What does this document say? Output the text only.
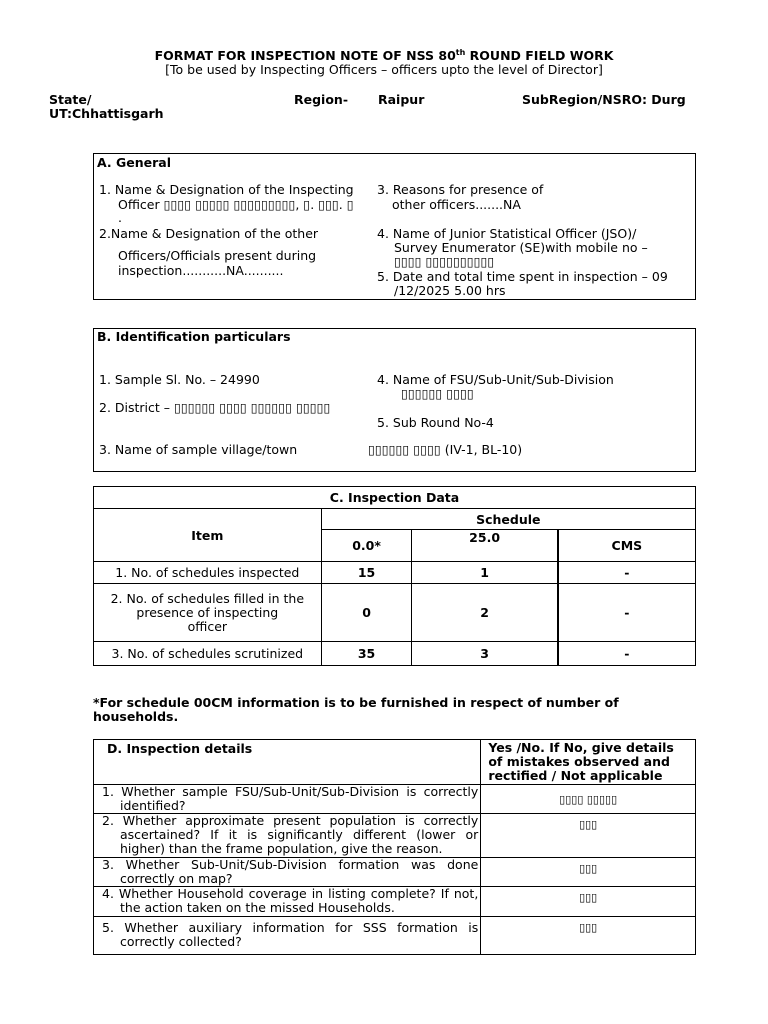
FORMAT FOR INSPECTION NOTE OF NSS 80th ROUND FIELD WORK
[To be used by Inspecting Officers – officers upto the level of Director]
State/
UT:Chhattisgarh
Region- Raipur	SubRegion/NSRO: Durg
A. General
1. Name & Designation of the Inspecting
Officer ▯▯▯▯ ▯▯▯▯▯ ▯▯▯▯▯▯▯▯▯, ▯. ▯▯▯. ▯
.
2.Name & Designation of the other
Officers/Officials present during
inspection...........NA..........
3. Reasons for presence of
other officers.......NA
4. Name of Junior Statistical Officer (JSO)/
Survey Enumerator (SE)with mobile no –
▯▯▯▯ ▯▯▯▯▯▯▯▯▯▯
5. Date and total time spent in inspection – 09
/12/2025 5.00 hrs
B. Identification particulars
1. Sample Sl. No. – 24990
2. District – ▯▯▯▯▯▯ ▯▯▯▯ ▯▯▯▯▯▯ ▯▯▯▯▯
3. Name of sample village/town	▯▯▯▯▯▯ ▯▯▯▯ (IV-1, BL-10)
4. Name of FSU/Sub-Unit/Sub-Division
▯▯▯▯▯▯ ▯▯▯▯
5. Sub Round No-4
C. Inspection Data			
Item	Schedule		
	0.0*	25.0	CMS
1. No. of schedules inspected	15	1	-

2. No. of schedules filled in the
presence of inspecting
officer	0	2	-
3. No. of schedules scrutinized	35	3	-
*For schedule 00CM information is to be furnished in respect of number of
households.
D. Inspection details	Yes /No. If No, give details
of mistakes observed and
rectified / Not applicable

1. Whether sample FSU/Sub-Unit/Sub-Division is correctly identified?	▯▯▯▯ ▯▯▯▯▯
2. Whether approximate present population is correctly ascertained? If it is significantly different (lower or higher) than the frame population, give the reason.	▯▯▯
3. Whether Sub-Unit/Sub-Division formation was done correctly on map?	▯▯▯
4. Whether Household coverage in listing complete? If not, the action taken on the missed Households.	▯▯▯
5. Whether auxiliary information for SSS formation is correctly collected?	▯▯▯
